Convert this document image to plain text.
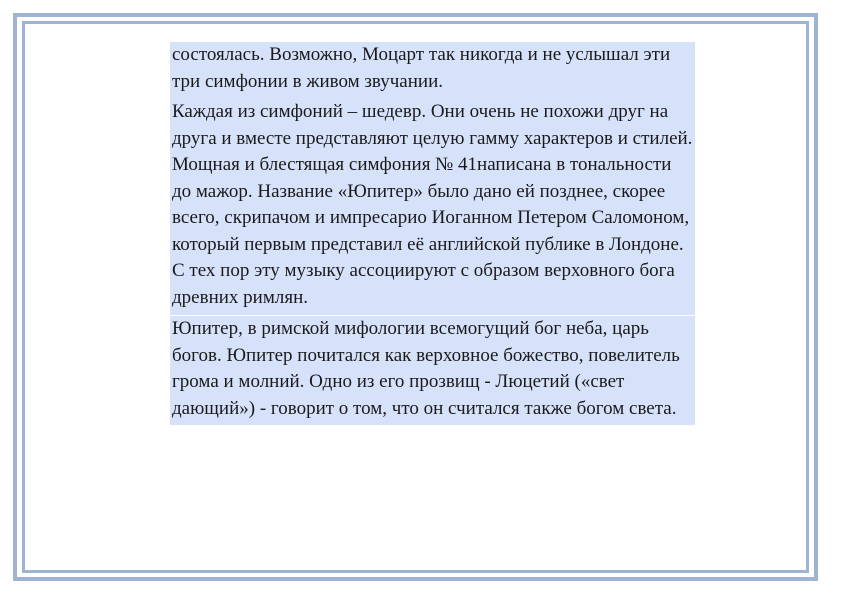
состоялась. Возможно, Моцарт так никогда и не услышал эти три симфонии в живом звучании.

Каждая из симфоний – шедевр. Они очень не похожи друг на друга и вместе представляют целую гамму характеров и стилей. Мощная и блестящая симфония № 41написана в тональности до мажор. Название «Юпитер» было дано ей позднее, скорее всего, скрипачом и импресарио Иоганном Петером Саломоном, который первым представил её английской публике в Лондоне. С тех пор эту музыку ассоциируют с образом верховного бога древних римлян.

Юпитер, в римской мифологии всемогущий бог неба, царь богов. Юпитер почитался как верховное божество, повелитель грома и молний. Одно из его прозвищ - Люцетий («свет дающий») - говорит о том, что он считался также богом света.
